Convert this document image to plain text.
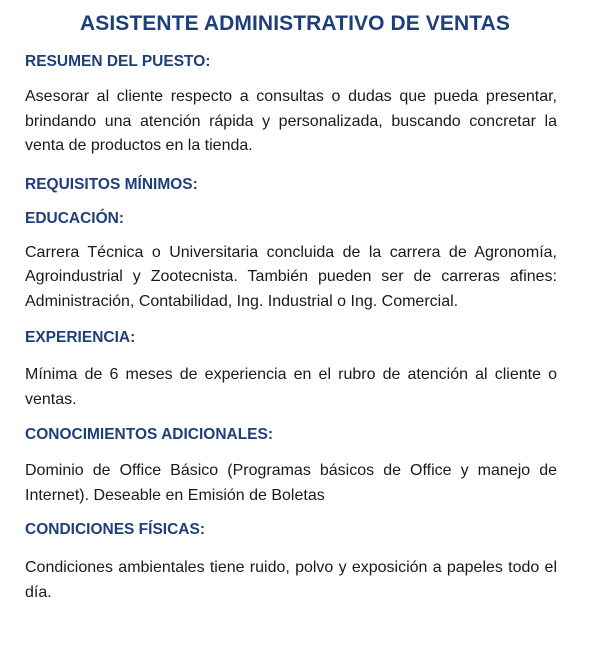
ASISTENTE ADMINISTRATIVO DE VENTAS
RESUMEN DEL PUESTO:

Asesorar al cliente respecto a consultas o dudas que pueda presentar, brindando una atención rápida y personalizada, buscando concretar la venta de productos en la tienda.

REQUISITOS MÍNIMOS:
EDUCACIÓN:

Carrera Técnica o Universitaria concluida de la carrera de Agronomía, Agroindustrial y Zootecnista. También pueden ser de carreras afines: Administración, Contabilidad, Ing. Industrial o Ing. Comercial.

EXPERIENCIA:

Mínima de 6 meses de experiencia en el rubro de atención al cliente o ventas.

CONOCIMIENTOS ADICIONALES:

Dominio de Office Básico (Programas básicos de Office y manejo de Internet). Deseable en Emisión de Boletas

CONDICIONES FÍSICAS:

Condiciones ambientales tiene ruido, polvo y exposición a papeles todo el día.
